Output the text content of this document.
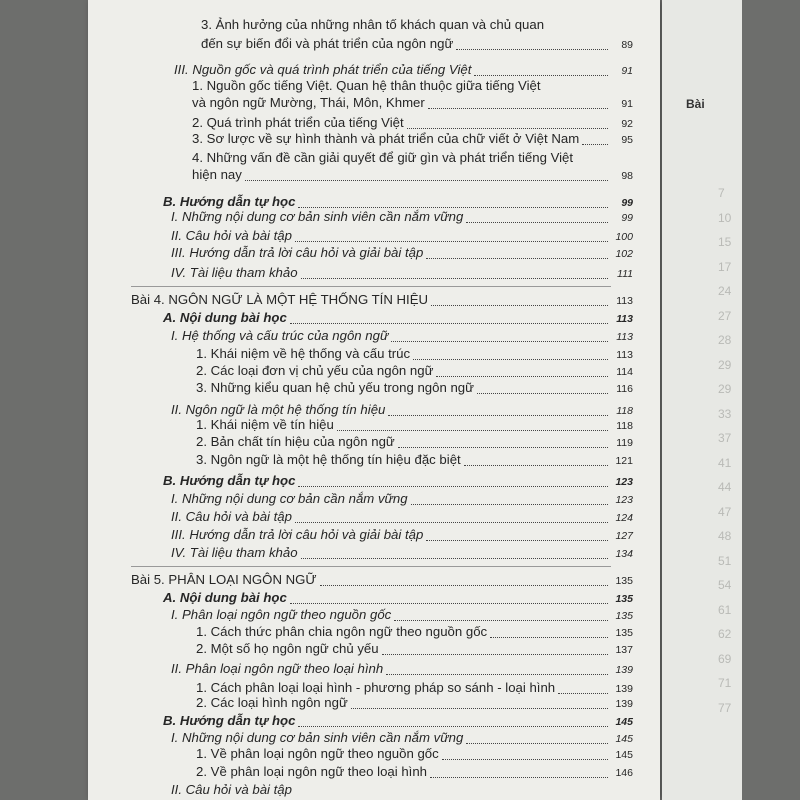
Bài
7
10
15
17
24
27
28
29
29
33
37
41
44
47
48
51
54
61
62
69
71
77
3. Ảnh hưởng của những nhân tố khách quan và chủ quan
đến sự biến đổi và phát triển của ngôn ngữ	89
III. Nguồn gốc và quá trình phát triển của tiếng Việt	91
1. Nguồn gốc tiếng Việt. Quan hệ thân thuộc giữa tiếng Việt
và ngôn ngữ Mường, Thái, Môn, Khmer	91
2. Quá trình phát triển của tiếng Việt	92
3. Sơ lược về sự hình thành và phát triển của chữ viết ở Việt Nam	95
4. Những vấn đề cần giải quyết để giữ gìn và phát triển tiếng Việt
hiện nay	98
B. Hướng dẫn tự học	99
I. Những nội dung cơ bản sinh viên cần nắm vững	99
II. Câu hỏi và bài tập	100
III. Hướng dẫn trả lời câu hỏi và giải bài tập	102
IV. Tài liệu tham khảo	111
Bài 4. NGÔN NGỮ LÀ MỘT HỆ THỐNG TÍN HIỆU	113
A. Nội dung bài học	113
I. Hệ thống và cấu trúc của ngôn ngữ	113
1. Khái niệm về hệ thống và cấu trúc	113
2. Các loại đơn vị chủ yếu của ngôn ngữ	114
3. Những kiểu quan hệ chủ yếu trong ngôn ngữ	116
II. Ngôn ngữ là một hệ thống tín hiệu	118
1. Khái niệm về tín hiệu	118
2. Bản chất tín hiệu của ngôn ngữ	119
3. Ngôn ngữ là một hệ thống tín hiệu đặc biệt	121
B. Hướng dẫn tự học	123
I. Những nội dung cơ bản cần nắm vững	123
II. Câu hỏi và bài tập	124
III. Hướng dẫn trả lời câu hỏi và giải bài tập	127
IV. Tài liệu tham khảo	134
Bài 5. PHÂN LOẠI NGÔN NGỮ	135
A. Nội dung bài học	135
I. Phân loại ngôn ngữ theo nguồn gốc	135
1. Cách thức phân chia ngôn ngữ theo nguồn gốc	135
2. Một số họ ngôn ngữ chủ yếu	137
II. Phân loại ngôn ngữ theo loại hình	139
1. Cách phân loại loại hình - phương pháp so sánh - loại hình	139
2. Các loại hình ngôn ngữ	139
B. Hướng dẫn tự học	145
I. Những nội dung cơ bản sinh viên cần nắm vững	145
1. Về phân loại ngôn ngữ theo nguồn gốc	145
2. Về phân loại ngôn ngữ theo loại hình	146
II. Câu hỏi và bài tập
